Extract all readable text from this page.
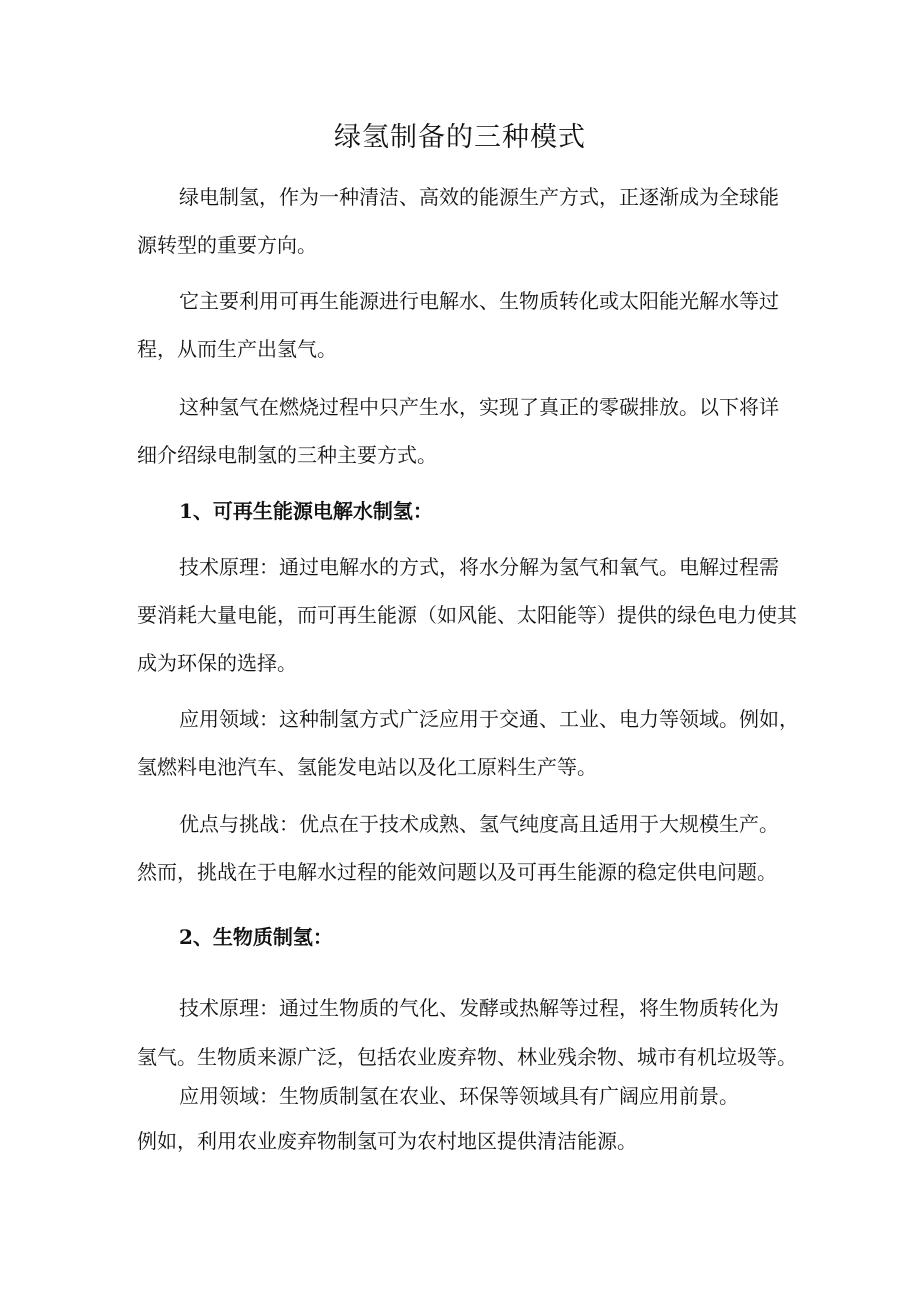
绿氢制备的三种模式
绿电制氢，作为一种清洁、高效的能源生产方式，正逐渐成为全球能
源转型的重要方向。
它主要利用可再生能源进行电解水、生物质转化或太阳能光解水等过
程，从而生产出氢气。
这种氢气在燃烧过程中只产生水，实现了真正的零碳排放。以下将详
细介绍绿电制氢的三种主要方式。
1、可再生能源电解水制氢：
技术原理：通过电解水的方式，将水分解为氢气和氧气。电解过程需
要消耗大量电能，而可再生能源（如风能、太阳能等）提供的绿色电力使其
成为环保的选择。
应用领域：这种制氢方式广泛应用于交通、工业、电力等领域。例如，
氢燃料电池汽车、氢能发电站以及化工原料生产等。
优点与挑战：优点在于技术成熟、氢气纯度高且适用于大规模生产。
然而，挑战在于电解水过程的能效问题以及可再生能源的稳定供电问题。
2、生物质制氢：
技术原理：通过生物质的气化、发酵或热解等过程，将生物质转化为
氢气。生物质来源广泛，包括农业废弃物、林业残余物、城市有机垃圾等。
应用领域：生物质制氢在农业、环保等领域具有广阔应用前景。
例如，利用农业废弃物制氢可为农村地区提供清洁能源。
